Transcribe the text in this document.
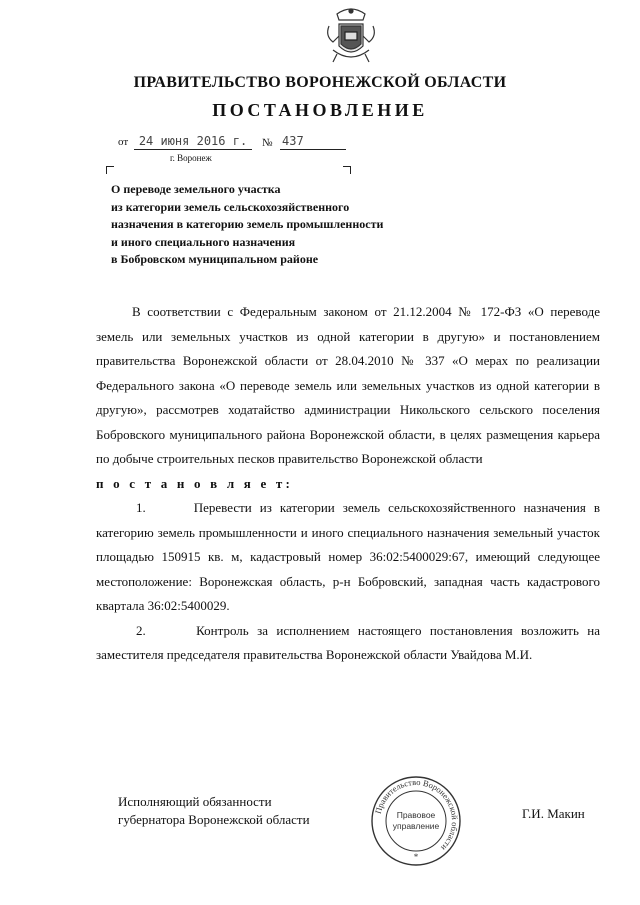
ПРАВИТЕЛЬСТВО ВОРОНЕЖСКОЙ ОБЛАСТИ
ПОСТАНОВЛЕНИЕ
от 24 июня 2016 г. № 437
г. Воронеж
О переводе земельного участка
из категории земель сельскохозяйственного
назначения в категорию земель промышленности
и иного специального назначения
в Бобровском муниципальном районе

В соответствии с Федеральным законом от 21.12.2004 № 172-ФЗ «О переводе земель или земельных участков из одной категории в другую» и постановлением правительства Воронежской области от 28.04.2010 № 337 «О мерах по реализации Федерального закона «О переводе земель или земельных участков из одной категории в другую», рассмотрев ходатайство администрации Никольского сельского поселения Бобровского муниципального района Воронежской области, в целях размещения карьера по добыче строительных песков правительство Воронежской области

п о с т а н о в л я е т:

1.      Перевести из категории земель сельскохозяйственного назначения в категорию земель промышленности и иного специального назначения земельный участок площадью 150915 кв. м, кадастровый номер 36:02:5400029:67, имеющий следующее местоположение: Воронежская область, р-н Бобровский, западная часть кадастрового квартала 36:02:5400029.

2.      Контроль за исполнением настоящего постановления возложить на заместителя председателя правительства Воронежской области Увайдова М.И.

Исполняющий обязанности
губернатора Воронежской области	Г.И. Макин
Правительство Воронежской области
Правовое
управление
*
